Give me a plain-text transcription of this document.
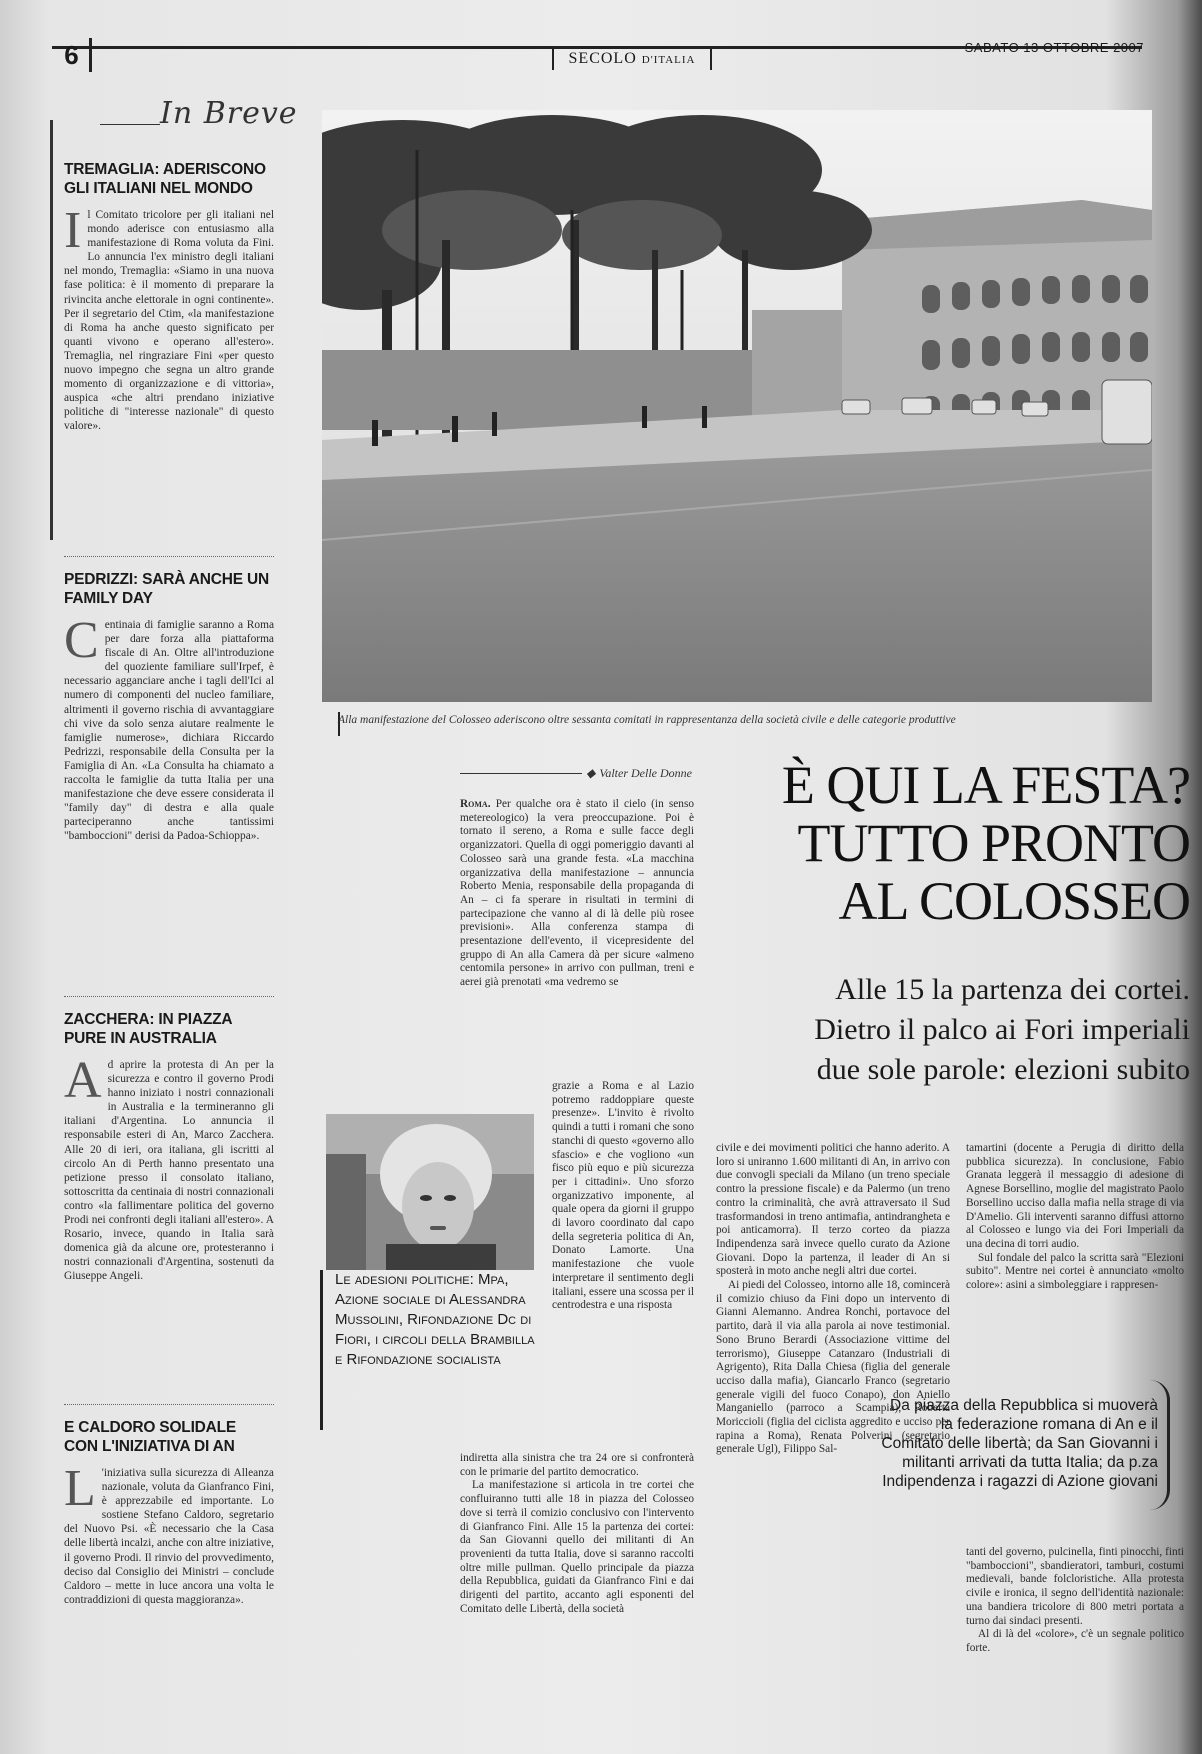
6	SECOLO D'ITALIA
SABATO 13 OTTOBRE 2007
In Breve
TREMAGLIA: ADERISCONO GLI ITALIANI NEL MONDO

Il Comitato tricolore per gli italiani nel mondo aderisce con entusiasmo alla manifestazione di Roma voluta da Fini. Lo annuncia l'ex ministro degli italiani nel mondo, Tremaglia: «Siamo in una nuova fase politica: è il momento di preparare la rivincita anche elettorale in ogni continente». Per il segretario del Ctim, «la manifestazione di Roma ha anche questo significato per quanti vivono e operano all'estero». Tremaglia, nel ringraziare Fini «per questo nuovo impegno che segna un altro grande momento di organizzazione e di vittoria», auspica «che altri prendano iniziative politiche di "interesse nazionale" di questo valore».

PEDRIZZI: SARÀ ANCHE UN FAMILY DAY

Centinaia di famiglie saranno a Roma per dare forza alla piattaforma fiscale di An. Oltre all'introduzione del quoziente familiare sull'Irpef, è necessario agganciare anche i tagli dell'Ici al numero di componenti del nucleo familiare, altrimenti il governo rischia di avvantaggiare chi vive da solo senza aiutare realmente le famiglie numerose», dichiara Riccardo Pedrizzi, responsabile della Consulta per la Famiglia di An. «La Consulta ha chiamato a raccolta le famiglie da tutta Italia per una manifestazione che deve essere considerata il "family day" di destra e alla quale parteciperanno anche tantissimi "bamboccioni" derisi da Padoa-Schioppa».

ZACCHERA: IN PIAZZA PURE IN AUSTRALIA

Ad aprire la protesta di An per la sicurezza e contro il governo Prodi hanno iniziato i nostri connazionali in Australia e la termineranno gli italiani d'Argentina. Lo annuncia il responsabile esteri di An, Marco Zacchera. Alle 20 di ieri, ora italiana, gli iscritti al circolo An di Perth hanno presentato una petizione presso il consolato italiano, sottoscritta da centinaia di nostri connazionali contro «la fallimentare politica del governo Prodi nei confronti degli italiani all'estero». A Rosario, invece, quando in Italia sarà domenica già da alcune ore, protesteranno i nostri connazionali d'Argentina, sostenuti da Giuseppe Angeli.

E CALDORO SOLIDALE CON L'INIZIATIVA DI AN

L 'iniziativa sulla sicurezza di Alleanza nazionale, voluta da Gianfranco Fini, è apprezzabile ed importante. Lo sostiene Stefano Caldoro, segretario del Nuovo Psi. «È necessario che la Casa delle libertà incalzi, anche con altre iniziative, il governo Prodi. Il rinvio del provvedimento, deciso dal Consiglio dei Ministri – conclude Caldoro – mette in luce ancora una volta le contraddizioni di questa maggioranza».

Alla manifestazione del Colosseo aderiscono oltre sessanta comitati in rappresentanza della società civile e delle categorie produttive
◆ Valter Delle Donne	È QUI LA FESTA?
TUTTO PRONTO
AL COLOSSEO
Alle 15 la partenza dei cortei.
Dietro il palco ai Fori imperiali
due sole parole: elezioni subito

Roma. Per qualche ora è stato il cielo (in senso metereologico) la vera preoccupazione. Poi è tornato il sereno, a Roma e sulle facce degli organizzatori. Quella di oggi pomeriggio davanti al Colosseo sarà una grande festa. «La macchina organizzativa della manifestazione – annuncia Roberto Menia, responsabile della propaganda di An – ci fa sperare in risultati in termini di partecipazione che vanno al di là delle più rosee previsioni». Alla conferenza stampa di presentazione dell'evento, il vicepresidente del gruppo di An alla Camera dà per sicure «almeno centomila persone» in arrivo con pullman, treni e aerei già prenotati «ma vedremo se

grazie a Roma e al Lazio potremo raddoppiare queste presenze». L'invito è rivolto quindi a tutti i romani che sono stanchi di questo «governo allo sfascio» e che vogliono «un fisco più equo e più sicurezza per i cittadini». Uno sforzo organizzativo imponente, al quale opera da giorni il gruppo di lavoro coordinato dal capo della segreteria politica di An, Donato Lamorte. Una manifestazione che vuole interpretare il sentimento degli italiani, essere una scossa per il centrodestra e una risposta

Le adesioni politiche: Mpa, Azione sociale di Alessandra Mussolini, Rifondazione Dc di Fiori, i circoli della Brambilla e Rifondazione socialista

indiretta alla sinistra che tra 24 ore si confronterà con le primarie del partito democratico.

La manifestazione si articola in tre cortei che confluiranno tutti alle 18 in piazza del Colosseo dove si terrà il comizio conclusivo con l'intervento di Gianfranco Fini. Alle 15 la partenza dei cortei: da San Giovanni quello dei militanti di An provenienti da tutta Italia, dove si saranno raccolti oltre mille pullman. Quello principale da piazza della Repubblica, guidati da Gianfranco Fini e dai dirigenti del partito, accanto agli esponenti del Comitato delle Libertà, della società

civile e dei movimenti politici che hanno aderito. A loro si uniranno 1.600 militanti di An, in arrivo con due convogli speciali da Milano (un treno speciale contro la pressione fiscale) e da Palermo (un treno contro la criminalità, che avrà attraversato il Sud trasformandosi in treno antimafia, antindrangheta e poi anticamorra). Il terzo corteo da piazza Indipendenza sarà invece quello curato da Azione Giovani. Dopo la partenza, il leader di An si sposterà in moto anche negli altri due cortei.

Ai piedi del Colosseo, intorno alle 18, comincerà il comizio chiuso da Fini dopo un intervento di Gianni Alemanno. Andrea Ronchi, portavoce del partito, darà il via alla parola ai nove testimonial. Sono Bruno Berardi (Associazione vittime del terrorismo), Giuseppe Catanzaro (Industriali di Agrigento), Rita Dalla Chiesa (figlia del generale ucciso dalla mafia), Giancarlo Franco (segretario generale vigili del fuoco Conapo), don Aniello Manganiello (parroco a Scampia), Roberta Moriccioli (figlia del ciclista aggredito e ucciso per rapina a Roma), Renata Polverini (segretario generale Ugl), Filippo Sal-

tamartini (docente a Perugia di diritto della pubblica sicurezza). In conclusione, Fabio Granata leggerà il messaggio di adesione di Agnese Borsellino, moglie del magistrato Paolo Borsellino ucciso dalla mafia nella strage di via D'Amelio. Gli interventi saranno diffusi attorno al Colosseo e lungo via dei Fori Imperiali da una decina di torri audio.

Sul fondale del palco la scritta sarà "Elezioni subito". Mentre nei cortei è annunciato «molto colore»: asini a simboleggiare i rappresen-

Da piazza della Repubblica si muoverà la federazione romana di An e il Comitato delle libertà; da San Giovanni i militanti arrivati da tutta Italia; da p.za Indipendenza i ragazzi di Azione giovani

tanti del governo, pulcinella, finti pinocchi, finti "bamboccioni", sbandieratori, tamburi, costumi medievali, bande folcloristiche. Alla protesta civile e ironica, il segno dell'identità nazionale: una bandiera tricolore di 800 metri portata a turno dai sindaci presenti.

Al di là del «colore», c'è un segnale politico forte.
